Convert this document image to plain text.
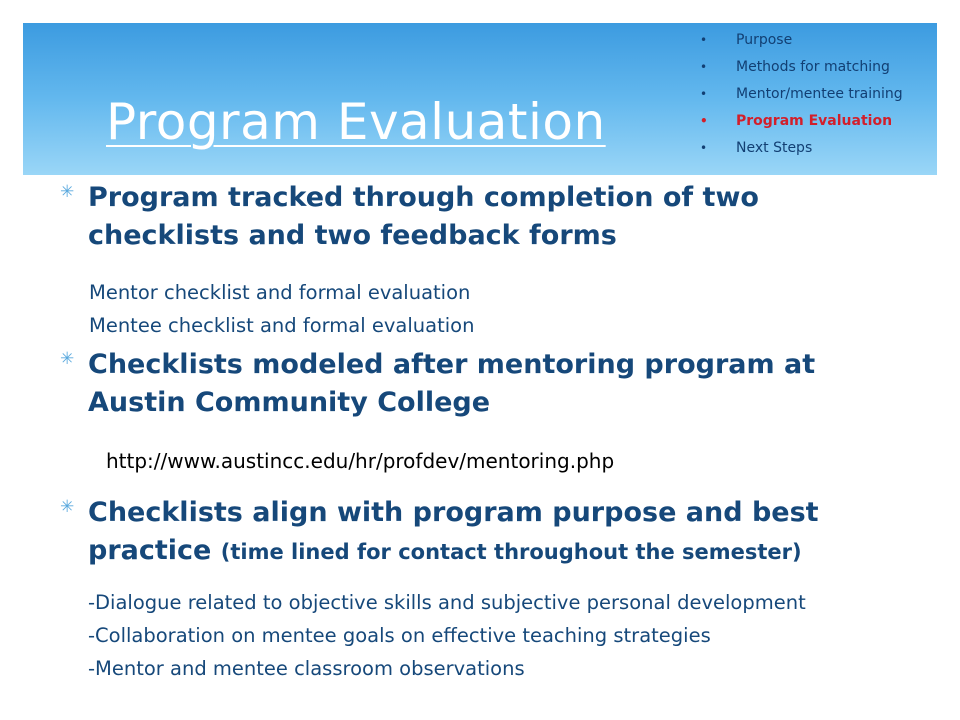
Program Evaluation
• Purpose
• Methods for matching
• Mentor/mentee training
• Program Evaluation
• Next Steps
✳ Program tracked through completion of two checklists and two feedback forms
Mentor checklist and formal evaluation
Mentee checklist and formal evaluation
✳ Checklists modeled after mentoring program at Austin Community College
http://www.austincc.edu/hr/profdev/mentoring.php
✳ Checklists align with program purpose and best practice (time lined for contact throughout the semester)
-Dialogue related to objective skills and subjective personal development
-Collaboration on mentee goals on effective teaching strategies
-Mentor and mentee classroom observations
